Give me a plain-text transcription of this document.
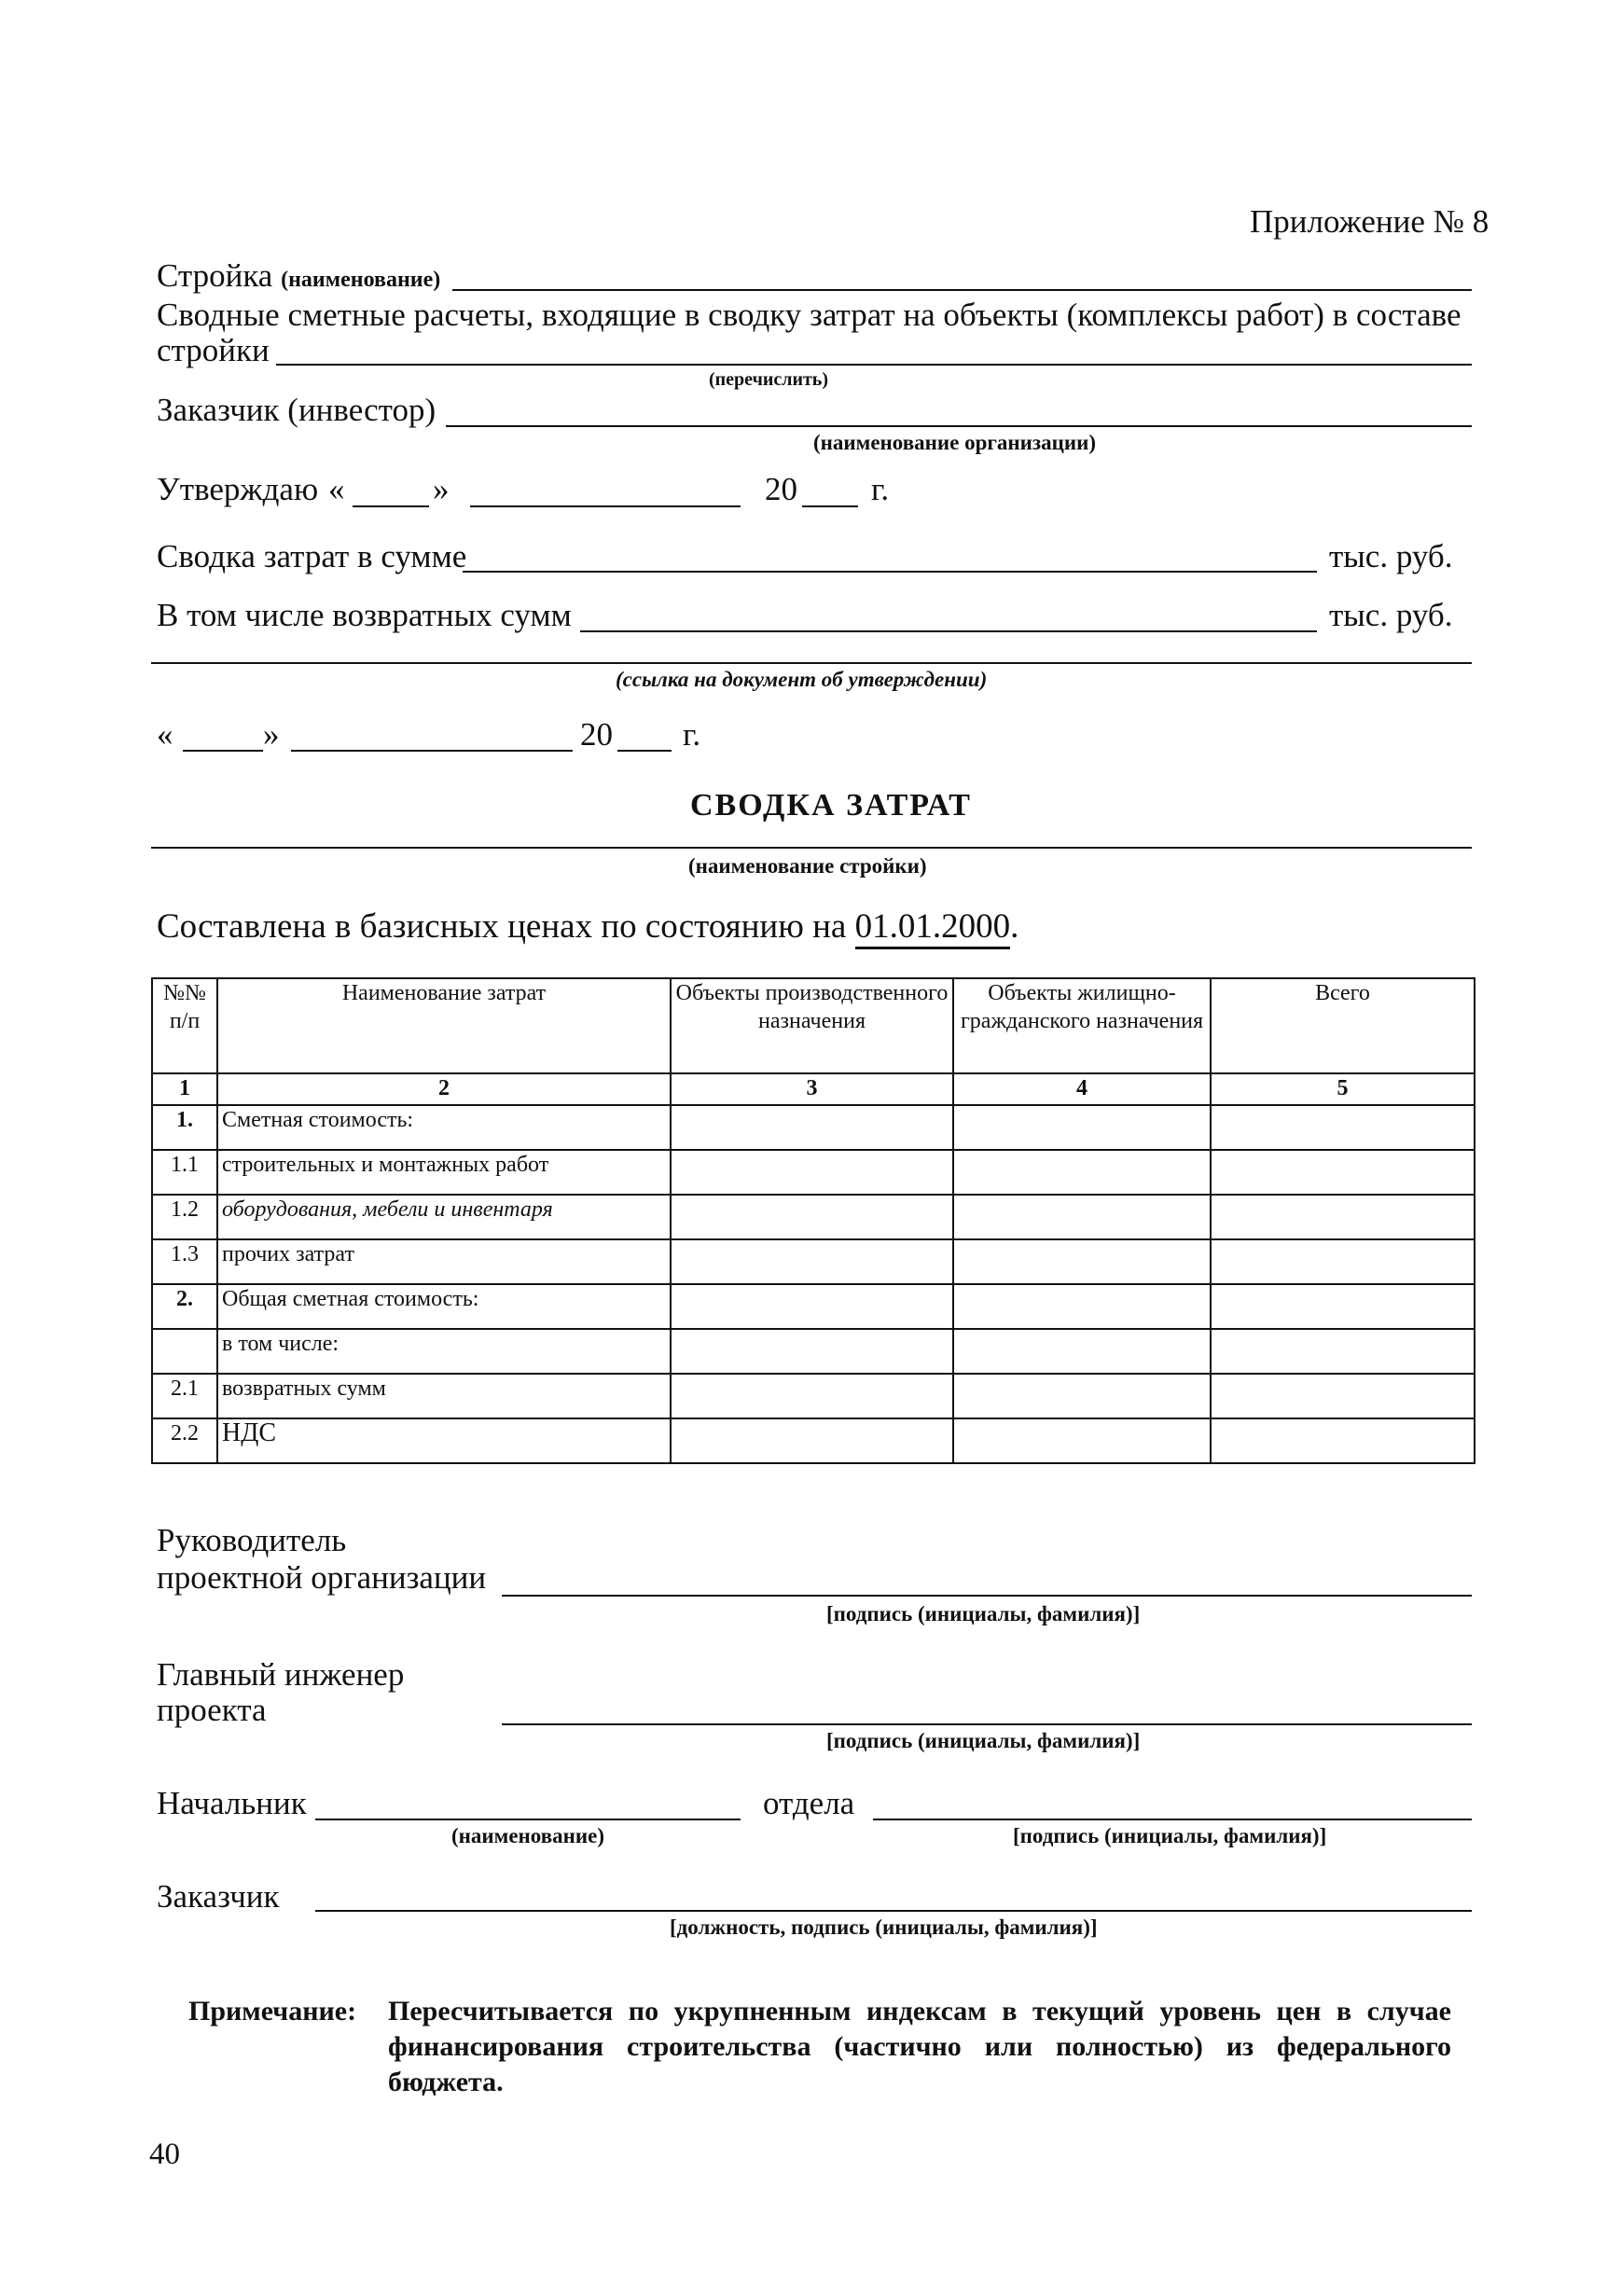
Приложение № 8
Стройка (наименование)
Сводные сметные расчеты, входящие в сводку затрат на объекты (комплексы работ) в составе
стройки
(перечислить)
Заказчик (инвестор)
(наименование организации)
Утверждаю «	»	20 г.
Сводка затрат в сумме	тыс. руб.
В том числе возвратных сумм	тыс. руб.
(ссылка на документ об утверждении)
«	»	20 г.
СВОДКА ЗАТРАТ
(наименование стройки)
Составлена в базисных ценах по состоянию на 01.01.2000.
№№ п/п	Наименование затрат	Объекты производственного назначения	Объекты жилищно-гражданского назначения	Всего
1	2	3	4	5
1.	Сметная стоимость:			
1.1	строительных и монтажных работ			
1.2	оборудования, мебели и инвентаря			
1.3	прочих затрат			
2.	Общая сметная стоимость:			
	в том числе:			
2.1	возвратных сумм			
2.2	НДС			
Руководитель
проектной организации
[подпись (инициалы, фамилия)]
Главный инженер
проекта
[подпись (инициалы, фамилия)]
Начальник	отдела
(наименование)	[подпись (инициалы, фамилия)]
Заказчик
[должность, подпись (инициалы, фамилия)]
Примечание: Пересчитывается по укрупненным индексам в текущий уровень цен в случае финансирования строительства (частично или полностью) из федерального бюджета.
40
